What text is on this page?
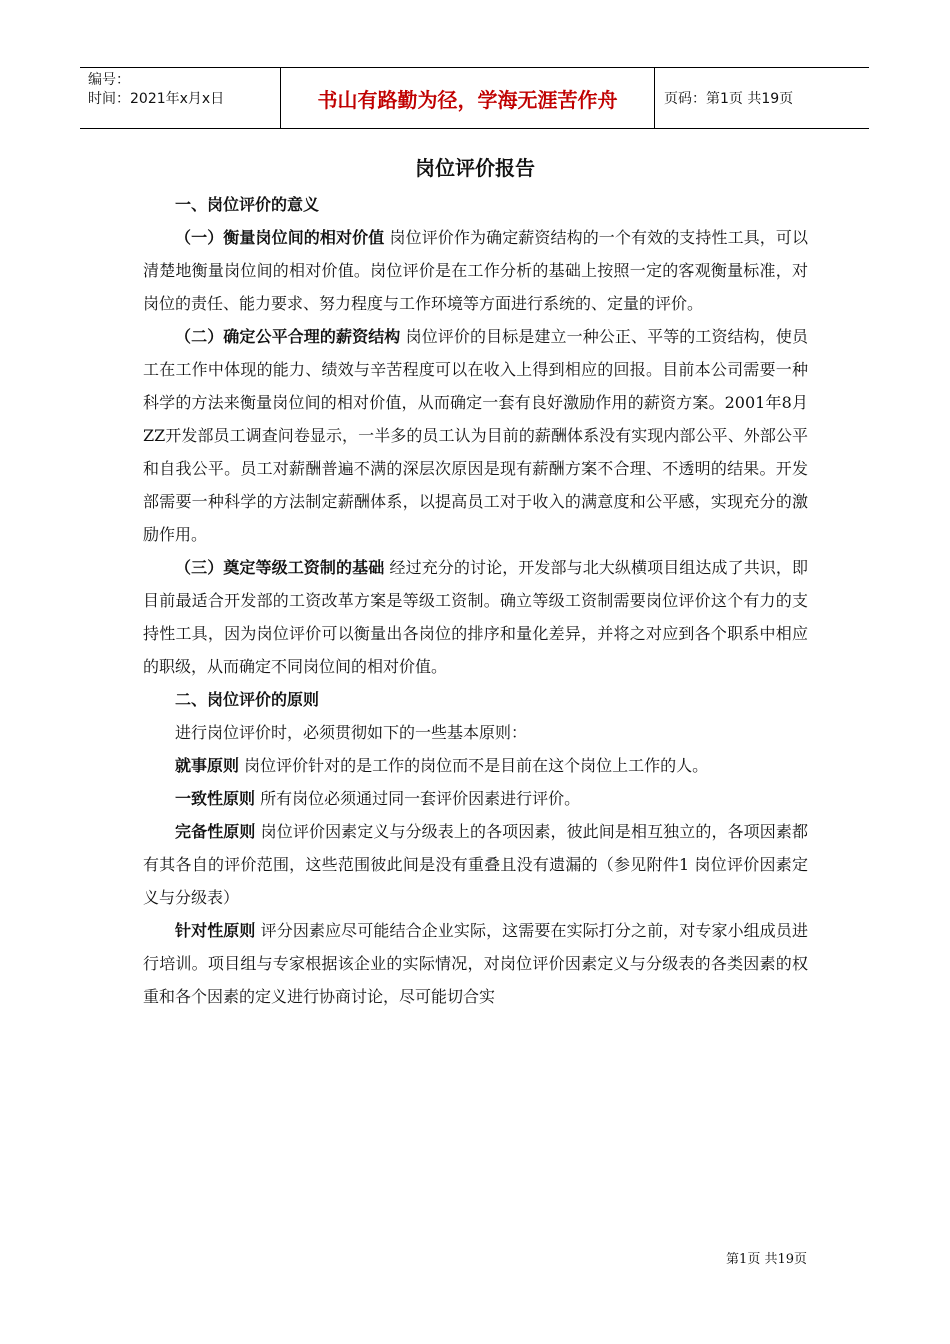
编号：
时间：2021年x月x日	书山有路勤为径，学海无涯苦作舟	页码：第1页 共19页
岗位评价报告

一、岗位评价的意义

（一）衡量岗位间的相对价值 岗位评价作为确定薪资结构的一个有效的支持性工具，可以清楚地衡量岗位间的相对价值。岗位评价是在工作分析的基础上按照一定的客观衡量标准，对岗位的责任、能力要求、努力程度与工作环境等方面进行系统的、定量的评价。

（二）确定公平合理的薪资结构 岗位评价的目标是建立一种公正、平等的工资结构，使员工在工作中体现的能力、绩效与辛苦程度可以在收入上得到相应的回报。目前本公司需要一种科学的方法来衡量岗位间的相对价值，从而确定一套有良好激励作用的薪资方案。2001年8月ZZ开发部员工调查问卷显示，一半多的员工认为目前的薪酬体系没有实现内部公平、外部公平和自我公平。员工对薪酬普遍不满的深层次原因是现有薪酬方案不合理、不透明的结果。开发部需要一种科学的方法制定薪酬体系，以提高员工对于收入的满意度和公平感，实现充分的激励作用。

（三）奠定等级工资制的基础 经过充分的讨论，开发部与北大纵横项目组达成了共识，即目前最适合开发部的工资改革方案是等级工资制。确立等级工资制需要岗位评价这个有力的支持性工具，因为岗位评价可以衡量出各岗位的排序和量化差异，并将之对应到各个职系中相应的职级，从而确定不同岗位间的相对价值。

二、岗位评价的原则

进行岗位评价时，必须贯彻如下的一些基本原则：

就事原则 岗位评价针对的是工作的岗位而不是目前在这个岗位上工作的人。

一致性原则 所有岗位必须通过同一套评价因素进行评价。

完备性原则 岗位评价因素定义与分级表上的各项因素，彼此间是相互独立的，各项因素都有其各自的评价范围，这些范围彼此间是没有重叠且没有遗漏的（参见附件1 岗位评价因素定义与分级表）

针对性原则 评分因素应尽可能结合企业实际，这需要在实际打分之前，对专家小组成员进行培训。项目组与专家根据该企业的实际情况，对岗位评价因素定义与分级表的各类因素的权重和各个因素的定义进行协商讨论，尽可能切合实

第1页 共19页
